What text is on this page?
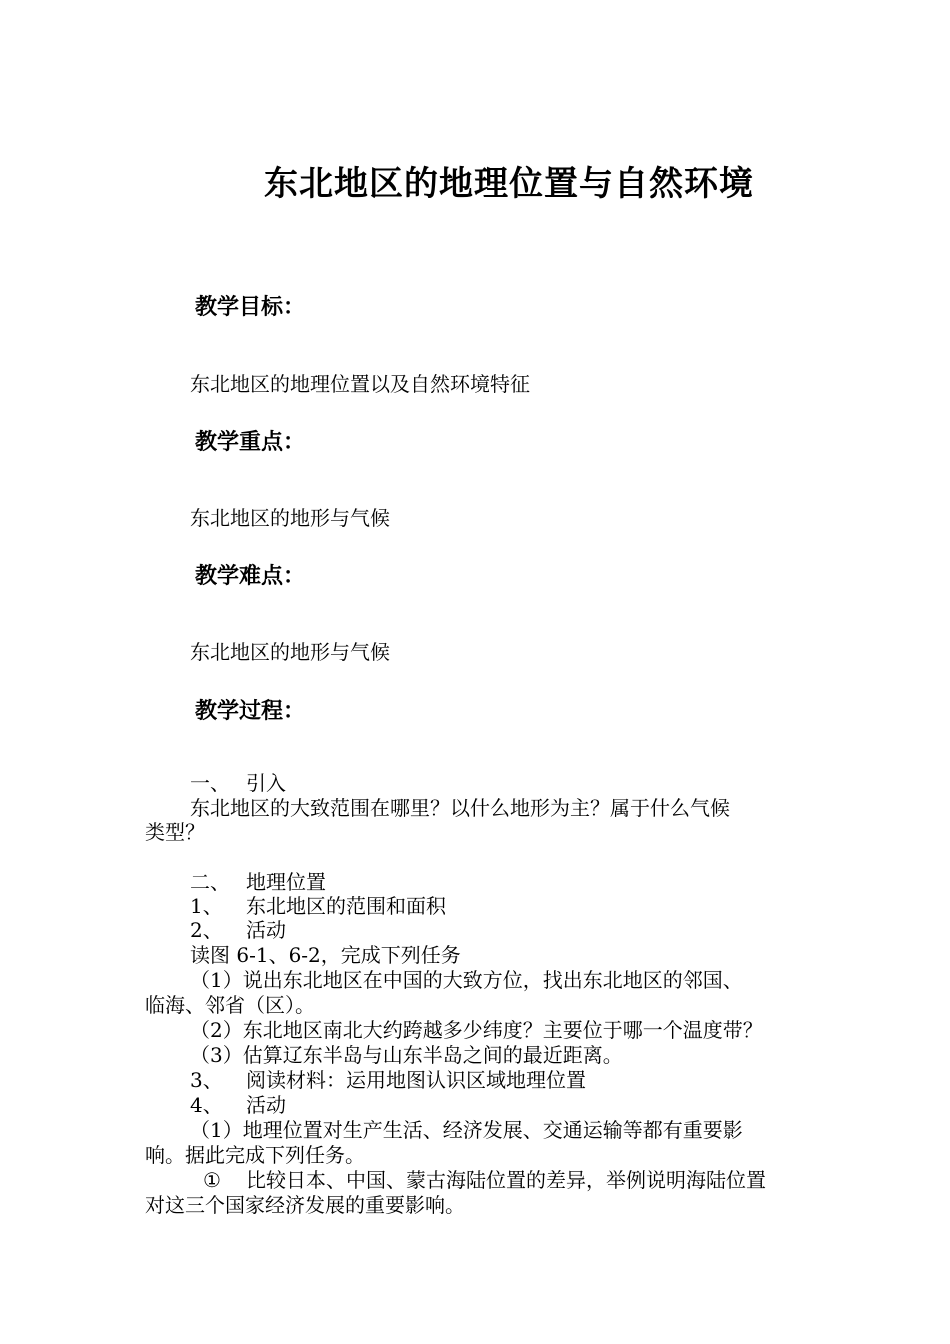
东北地区的地理位置与自然环境
教学目标：
东北地区的地理位置以及自然环境特征
教学重点：
东北地区的地形与气候
教学难点：
东北地区的地形与气候
教学过程：
一、 引入
东北地区的大致范围在哪里？以什么地形为主？属于什么气候
类型？
二、 地理位置
1、 东北地区的范围和面积
2、 活动
读图 6-1、6-2，完成下列任务
（1）说出东北地区在中国的大致方位，找出东北地区的邻国、
临海、邻省（区）。
（2）东北地区南北大约跨越多少纬度？主要位于哪一个温度带？
（3）估算辽东半岛与山东半岛之间的最近距离。
3、 阅读材料：运用地图认识区域地理位置
4、 活动
（1）地理位置对生产生活、经济发展、交通运输等都有重要影
响。据此完成下列任务。
① 比较日本、中国、蒙古海陆位置的差异，举例说明海陆位置
对这三个国家经济发展的重要影响。
